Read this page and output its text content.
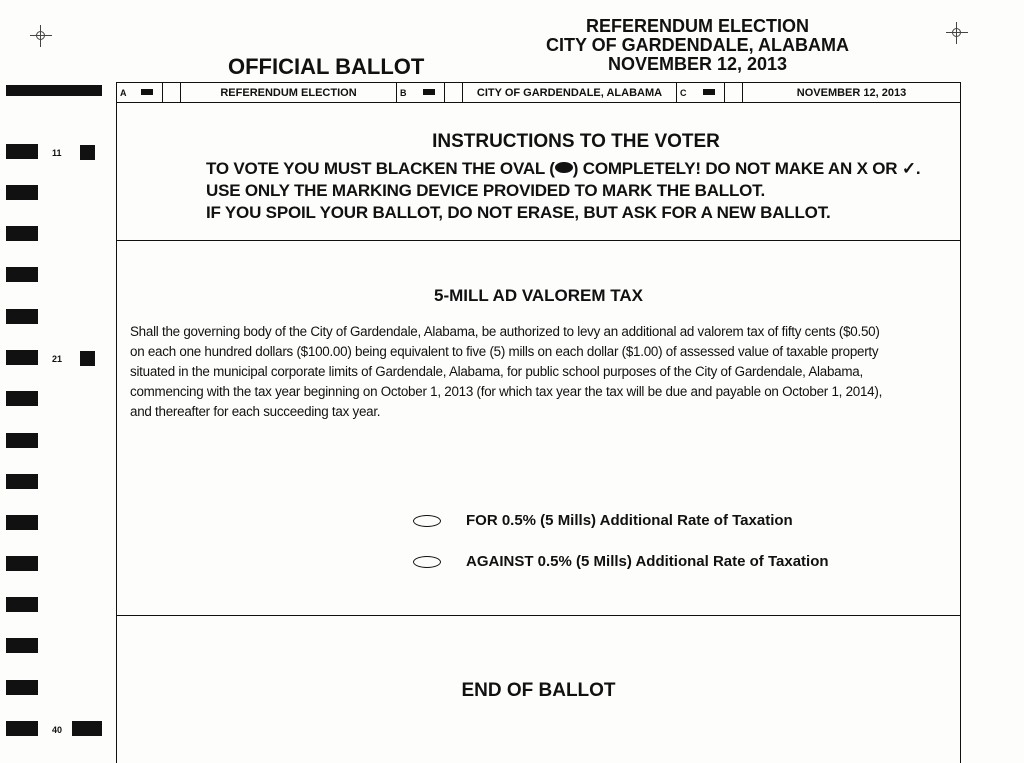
REFERENDUM ELECTION
CITY OF GARDENDALE, ALABAMA
NOVEMBER 12, 2013
OFFICIAL BALLOT
A	REFERENDUM ELECTION	B	CITY OF GARDENDALE, ALABAMA	C	NOVEMBER 12, 2013
INSTRUCTIONS TO THE VOTER
TO VOTE YOU MUST BLACKEN THE OVAL ( ) COMPLETELY! DO NOT MAKE AN X OR ✓.
USE ONLY THE MARKING DEVICE PROVIDED TO MARK THE BALLOT.
IF YOU SPOIL YOUR BALLOT, DO NOT ERASE, BUT ASK FOR A NEW BALLOT.
5-MILL AD VALOREM TAX
Shall the governing body of the City of Gardendale, Alabama, be authorized to levy an additional ad valorem tax of fifty cents ($0.50)
on each one hundred dollars ($100.00) being equivalent to five (5) mills on each dollar ($1.00) of assessed value of taxable property
situated in the municipal corporate limits of Gardendale, Alabama, for public school purposes of the City of Gardendale, Alabama,
commencing with the tax year beginning on October 1, 2013 (for which tax year the tax will be due and payable on October 1, 2014),
and thereafter for each succeeding tax year.
FOR 0.5% (5 Mills) Additional Rate of Taxation
AGAINST 0.5% (5 Mills) Additional Rate of Taxation
END OF BALLOT
11
21
40
